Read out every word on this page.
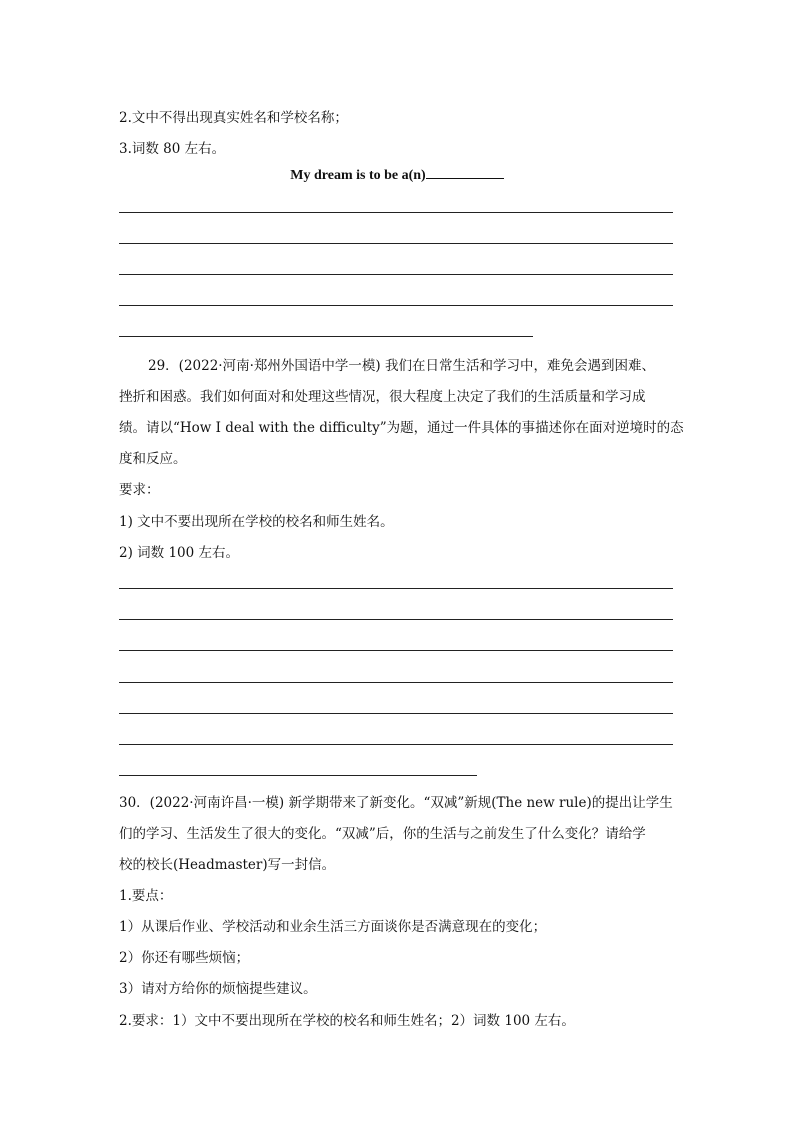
2.文中不得出现真实姓名和学校名称；
3.词数 80 左右。
My dream is to be a(n)
29．(2022·河南·郑州外国语中学一模) 我们在日常生活和学习中，难免会遇到困难、
挫折和困惑。我们如何面对和处理这些情况，很大程度上决定了我们的生活质量和学习成
绩。请以“How I deal with the difficulty”为题，通过一件具体的事描述你在面对逆境时的态
度和反应。
要求：
1) 文中不要出现所在学校的校名和师生姓名。
2) 词数 100 左右。
30．(2022·河南许昌·一模) 新学期带来了新变化。“双减”新规(The new rule)的提出让学生
们的学习、生活发生了很大的变化。“双减”后，你的生活与之前发生了什么变化？请给学
校的校长(Headmaster)写一封信。
1.要点：
1）从课后作业、学校活动和业余生活三方面谈你是否满意现在的变化；
2）你还有哪些烦恼；
3）请对方给你的烦恼提些建议。
2.要求：1）文中不要出现所在学校的校名和师生姓名；2）词数 100 左右。
